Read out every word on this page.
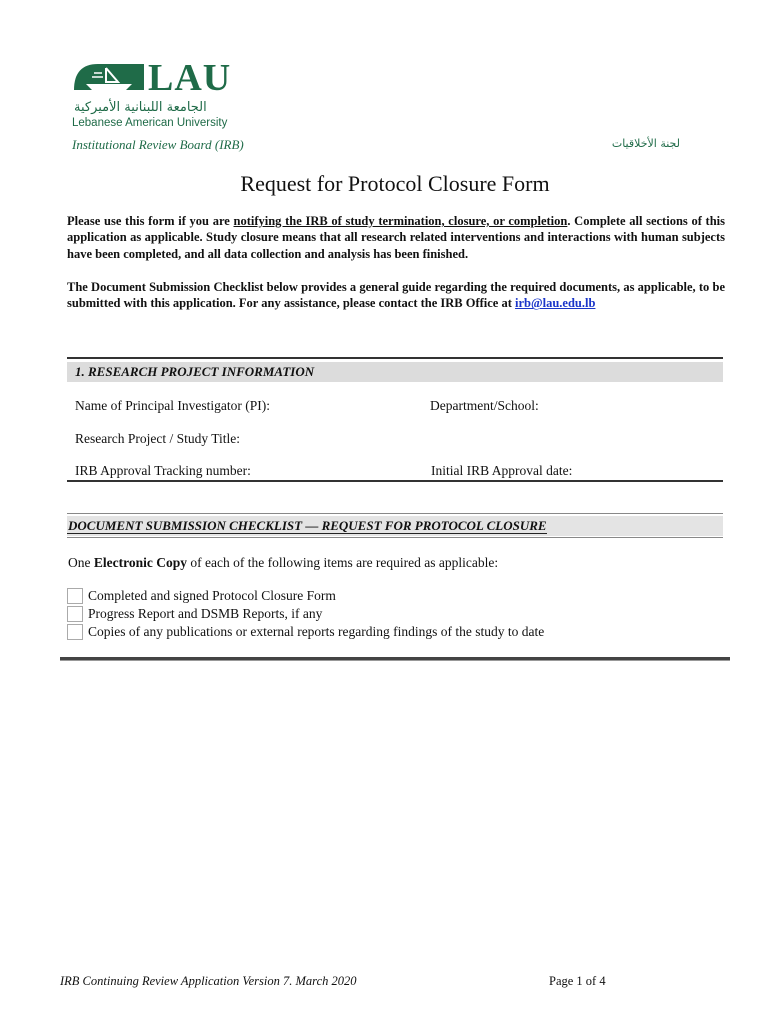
LAU
الجامعة اللبنانية الأميركية
Lebanese American University
Institutional Review Board (IRB)	لجنة الأخلاقيات
Request for Protocol Closure Form
Please use this form if you are notifying the IRB of study termination, closure, or completion. Complete all sections of this application as applicable. Study closure means that all research related interventions and interactions with human subjects have been completed, and all data collection and analysis has been finished.
The Document Submission Checklist below provides a general guide regarding the required documents, as applicable, to be submitted with this application. For any assistance, please contact the IRB Office at irb@lau.edu.lb
1. RESEARCH PROJECT INFORMATION
Name of Principal Investigator (PI):	Department/School:
Research Project / Study Title:
IRB Approval Tracking number:	Initial IRB Approval date:
DOCUMENT SUBMISSION CHECKLIST — REQUEST FOR PROTOCOL CLOSURE
One Electronic Copy of each of the following items are required as applicable:
Completed and signed Protocol Closure Form
Progress Report and DSMB Reports, if any
Copies of any publications or external reports regarding findings of the study to date
IRB Continuing Review Application Version 7. March 2020	Page 1 of 4
